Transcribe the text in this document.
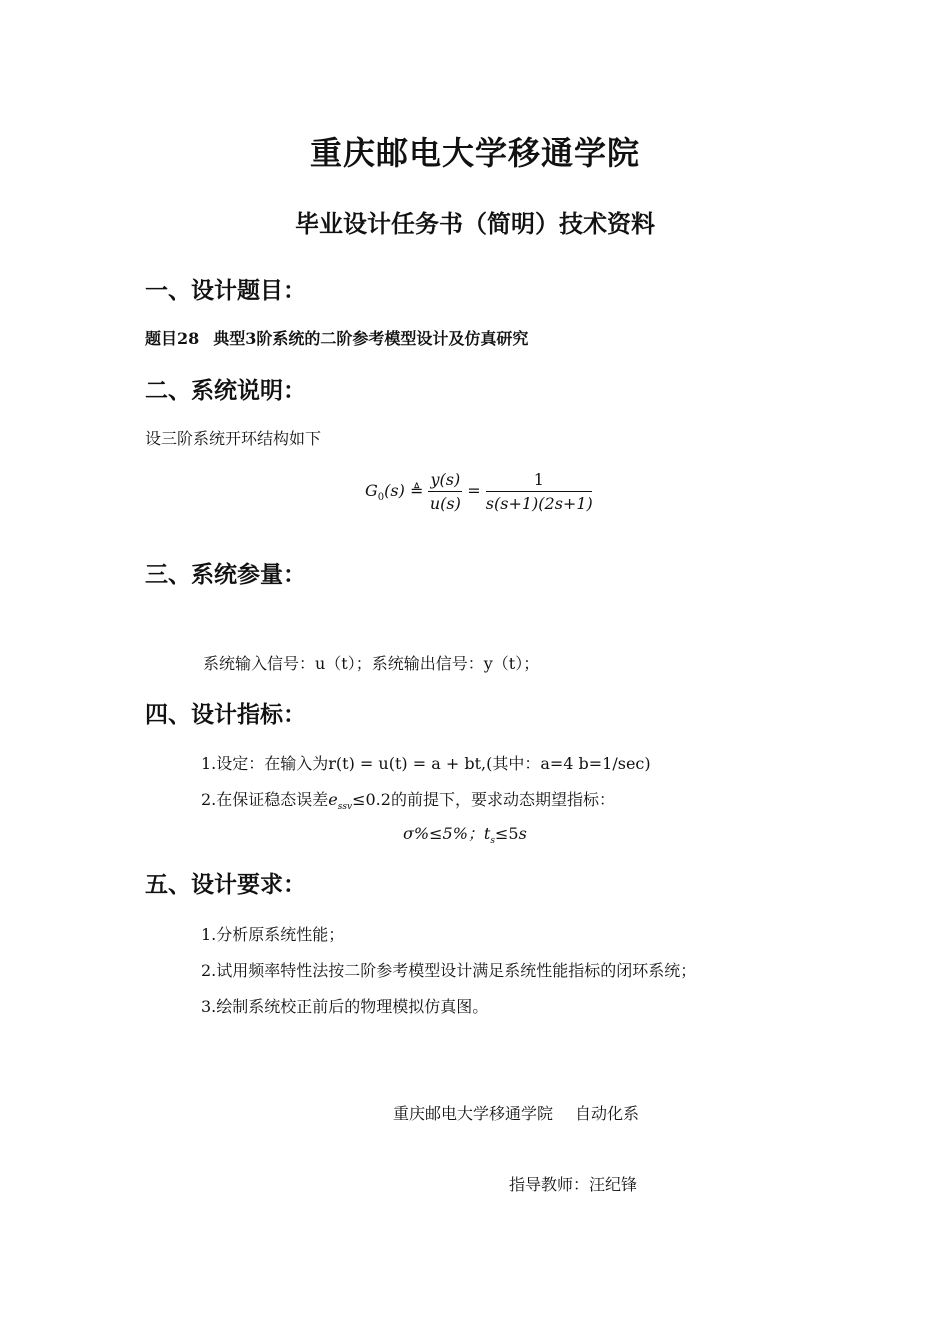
重庆邮电大学移通学院
毕业设计任务书（简明）技术资料
一、设计题目：
题目28 典型3阶系统的二阶参考模型设计及仿真研究
二、系统说明：
设三阶系统开环结构如下
$G_0(s)$ ≜ $\frac{y(s)}{u(s)} = \frac{1}{s(s+1)(2s+1)}$
三、系统参量：
系统输入信号：u（t）；系统输出信号：y（t）；
四、设计指标：
1.设定：在输入为r(t) = u(t) = a + bt,(其中：a=4 b=1/sec)
2.在保证稳态误差$e_{ssv}\le 0.2$的前提下，要求动态期望指标：
σ%≤5%；$t_s\le 5s$
五、设计要求：
1.分析原系统性能；
2.试用频率特性法按二阶参考模型设计满足系统性能指标的闭环系统；
3.绘制系统校正前后的物理模拟仿真图。
重庆邮电大学移通学院 自动化系
指导教师：汪纪锋
